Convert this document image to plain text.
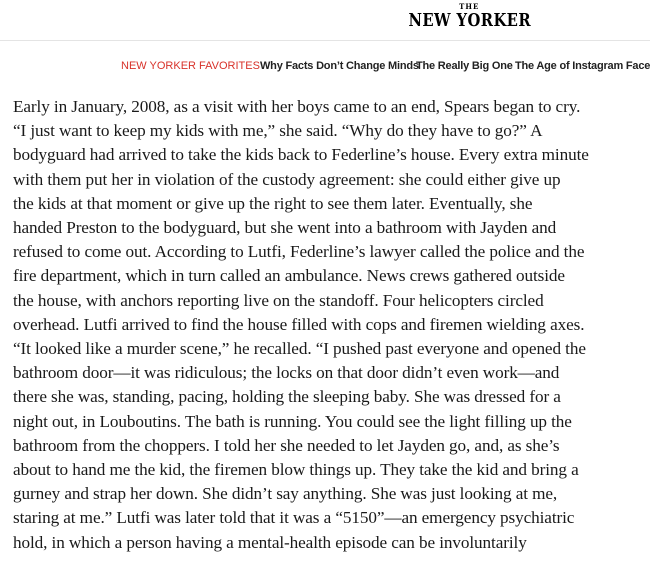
THE
NEW YORKER
NEW YORKER FAVORITES Why Facts Don’t Change Minds
The Really Big One The Age of Instagram Face

Early in January, 2008, as a visit with her boys came to an end, Spears began to cry.
“I just want to keep my kids with me,” she said. “Why do they have to go?” A
bodyguard had arrived to take the kids back to Federline’s house. Every extra minute
with them put her in violation of the custody agreement: she could either give up
the kids at that moment or give up the right to see them later. Eventually, she
handed Preston to the bodyguard, but she went into a bathroom with Jayden and
refused to come out. According to Lutfi, Federline’s lawyer called the police and the
fire department, which in turn called an ambulance. News crews gathered outside
the house, with anchors reporting live on the standoff. Four helicopters circled
overhead. Lutfi arrived to find the house filled with cops and firemen wielding axes.
“It looked like a murder scene,” he recalled. “I pushed past everyone and opened the
bathroom door—it was ridiculous; the locks on that door didn’t even work—and
there she was, standing, pacing, holding the sleeping baby. She was dressed for a
night out, in Louboutins. The bath is running. You could see the light filling up the
bathroom from the choppers. I told her she needed to let Jayden go, and, as she’s
about to hand me the kid, the firemen blow things up. They take the kid and bring a
gurney and strap her down. She didn’t say anything. She was just looking at me,
staring at me.” Lutfi was later told that it was a “5150”—an emergency psychiatric
hold, in which a person having a mental-health episode can be involuntarily
